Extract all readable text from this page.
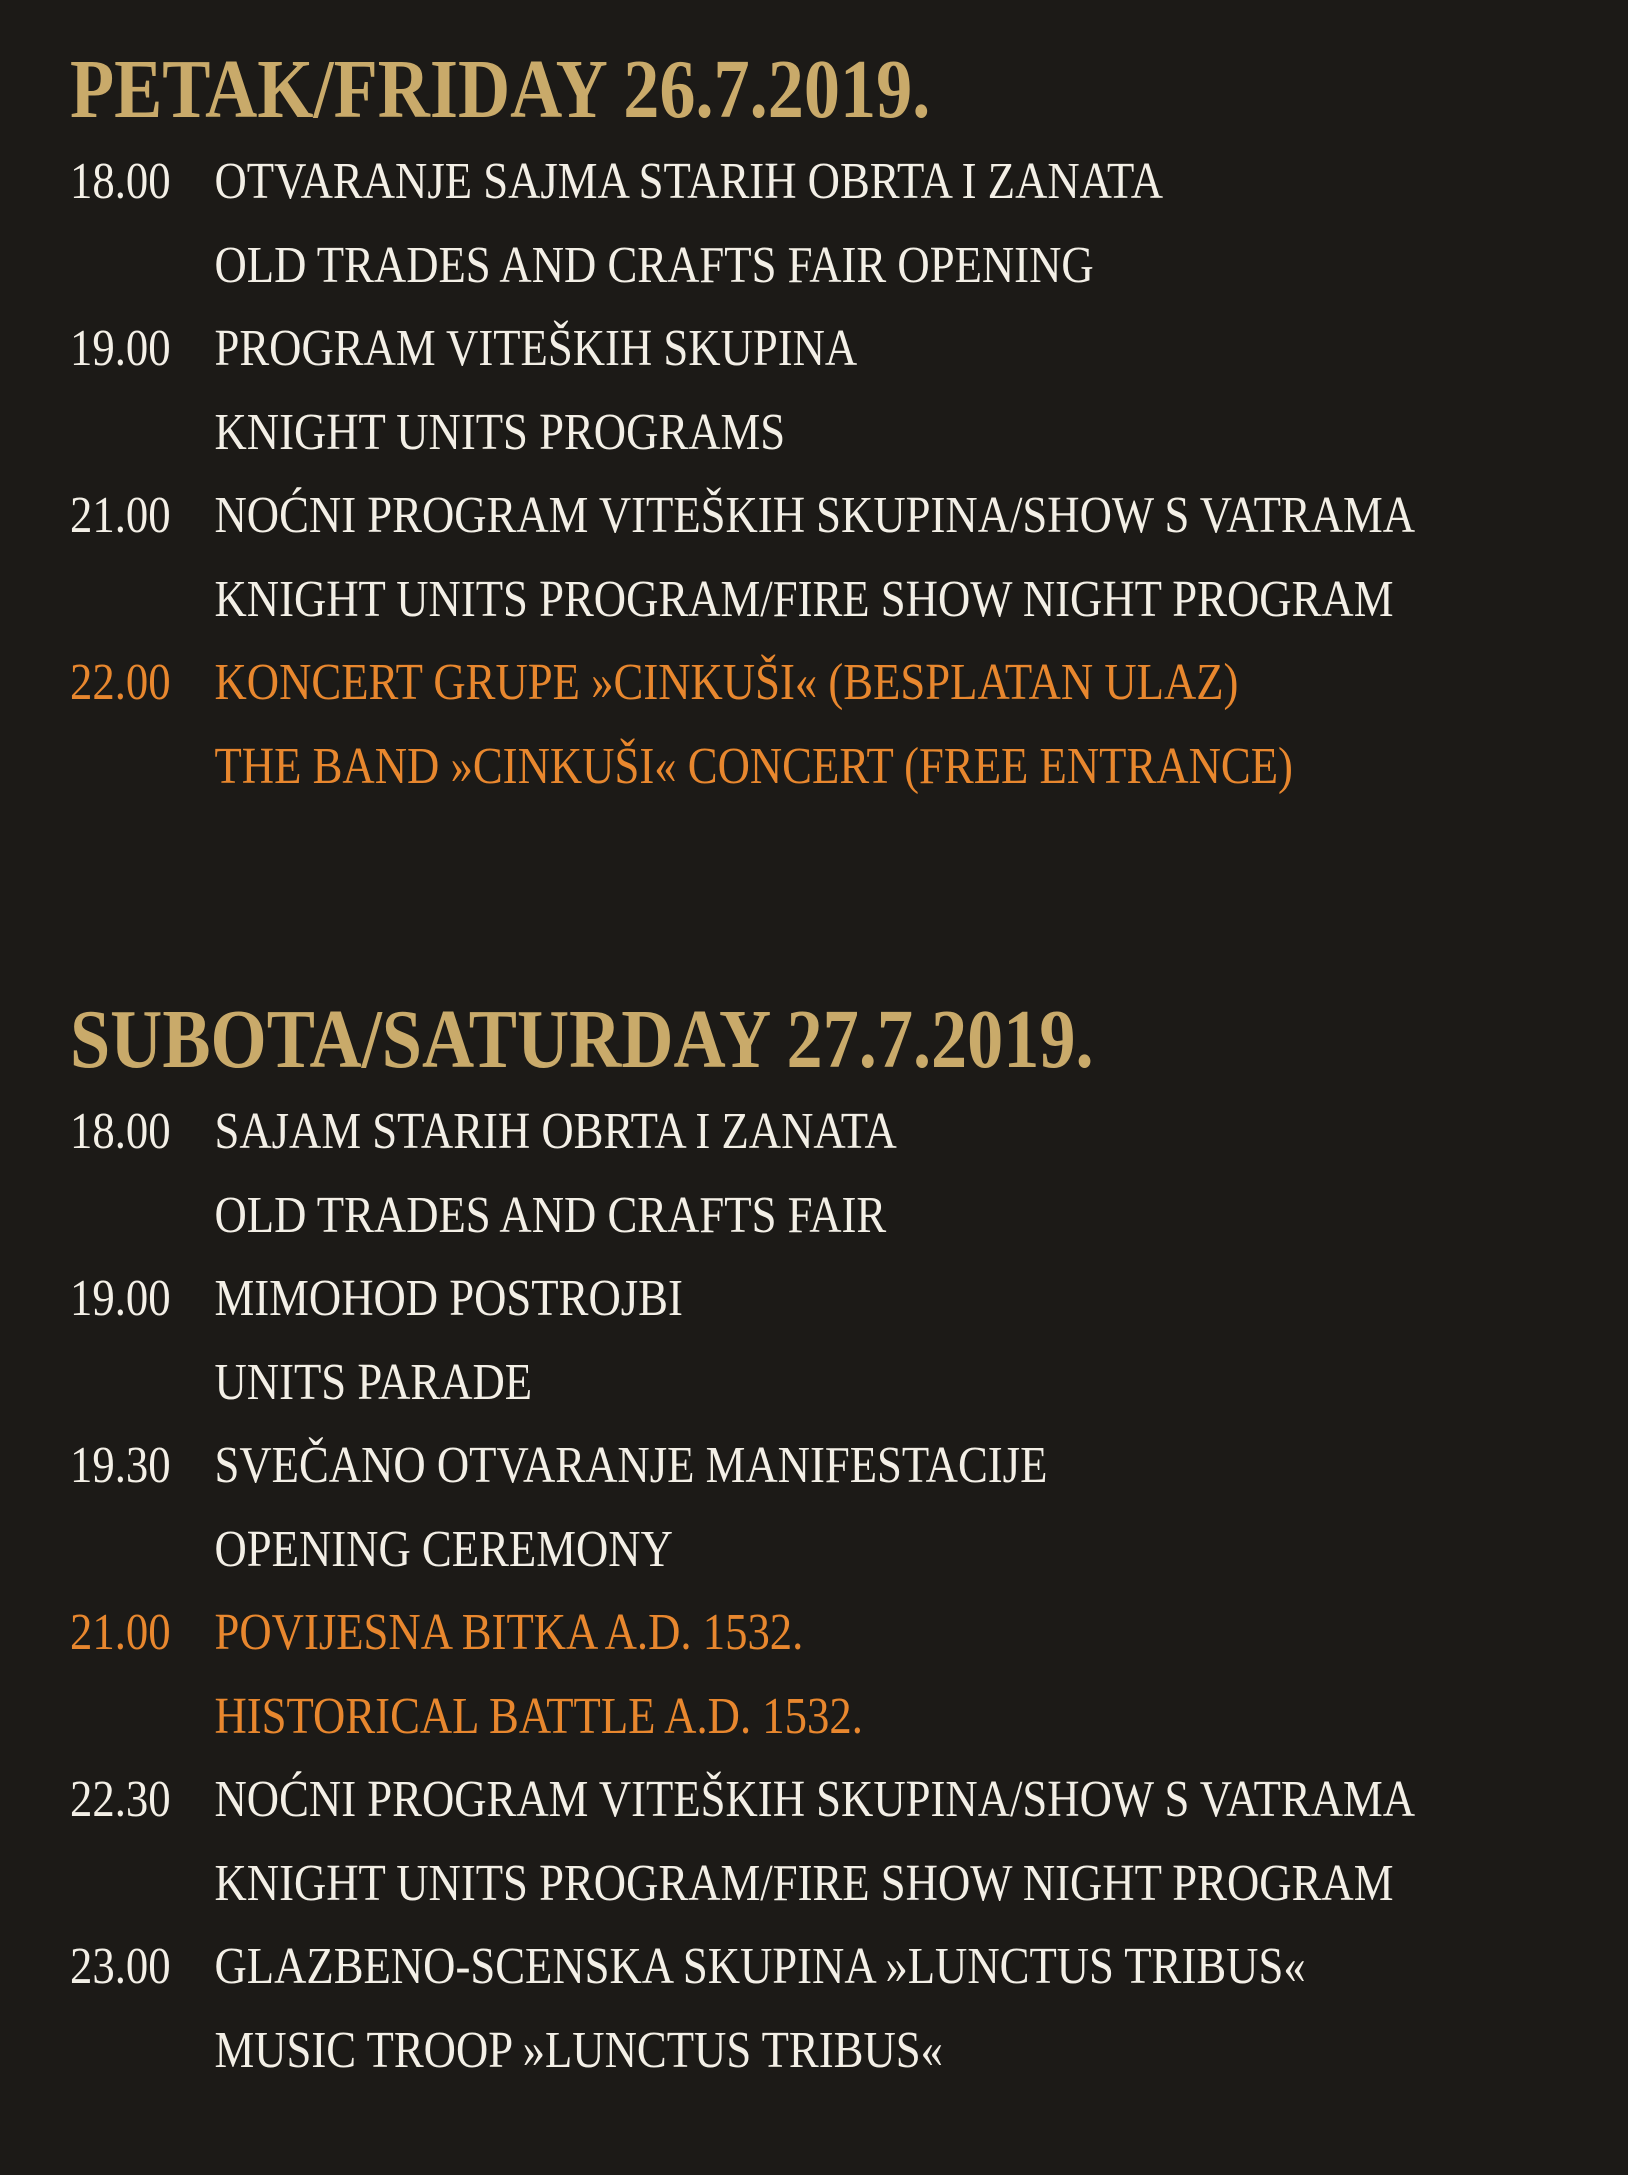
PETAK/FRIDAY 26.7.2019.
18.00 OTVARANJE SAJMA STARIH OBRTA I ZANATA
OLD TRADES AND CRAFTS FAIR OPENING
19.00 PROGRAM VITEŠKIH SKUPINA
KNIGHT UNITS PROGRAMS
21.00 NOĆNI PROGRAM VITEŠKIH SKUPINA/SHOW S VATRAMA
KNIGHT UNITS PROGRAM/FIRE SHOW NIGHT PROGRAM
22.00 KONCERT GRUPE »CINKUŠI« (BESPLATAN ULAZ)
THE BAND »CINKUŠI« CONCERT (FREE ENTRANCE)
SUBOTA/SATURDAY 27.7.2019.
18.00 SAJAM STARIH OBRTA I ZANATA
OLD TRADES AND CRAFTS FAIR
19.00 MIMOHOD POSTROJBI
UNITS PARADE
19.30 SVEČANO OTVARANJE MANIFESTACIJE
OPENING CEREMONY
21.00 POVIJESNA BITKA A.D. 1532.
HISTORICAL BATTLE A.D. 1532.
22.30 NOĆNI PROGRAM VITEŠKIH SKUPINA/SHOW S VATRAMA
KNIGHT UNITS PROGRAM/FIRE SHOW NIGHT PROGRAM
23.00 GLAZBENO-SCENSKA SKUPINA »LUNCTUS TRIBUS«
MUSIC TROOP »LUNCTUS TRIBUS«
